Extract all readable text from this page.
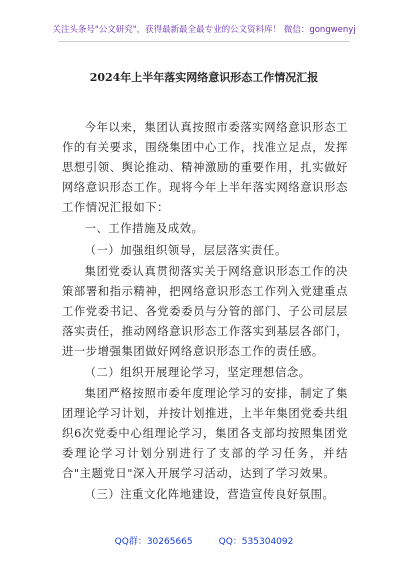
关注头条号"公文研究"，获得最新最全最专业的公文资料库！ 微信：gongwenyj
2024年上半年落实网络意识形态工作情况汇报

今年以来，集团认真按照市委落实网络意识形态工作的有关要求，围绕集团中心工作，找准立足点，发挥思想引领、舆论推动、精神激励的重要作用，扎实做好网络意识形态工作。现将今年上半年落实网络意识形态工作情况汇报如下：

一、工作措施及成效。

（一）加强组织领导，层层落实责任。

集团党委认真贯彻落实关于网络意识形态工作的决策部署和指示精神，把网络意识形态工作列入党建重点工作党委书记、各党委委员与分管的部门、子公司层层落实责任，推动网络意识形态工作落实到基层各部门，进一步增强集团做好网络意识形态工作的责任感。

（二）组织开展理论学习，坚定理想信念。

集团严格按照市委年度理论学习的安排，制定了集团理论学习计划，并按计划推进，上半年集团党委共组织6次党委中心组理论学习，集团各支部均按照集团党委理论学习计划分别进行了支部的学习任务，并结合"主题党日"深入开展学习活动，达到了学习效果。

（三）注重文化阵地建设，营造宣传良好氛围。

QQ群：30265665	QQ：535304092
